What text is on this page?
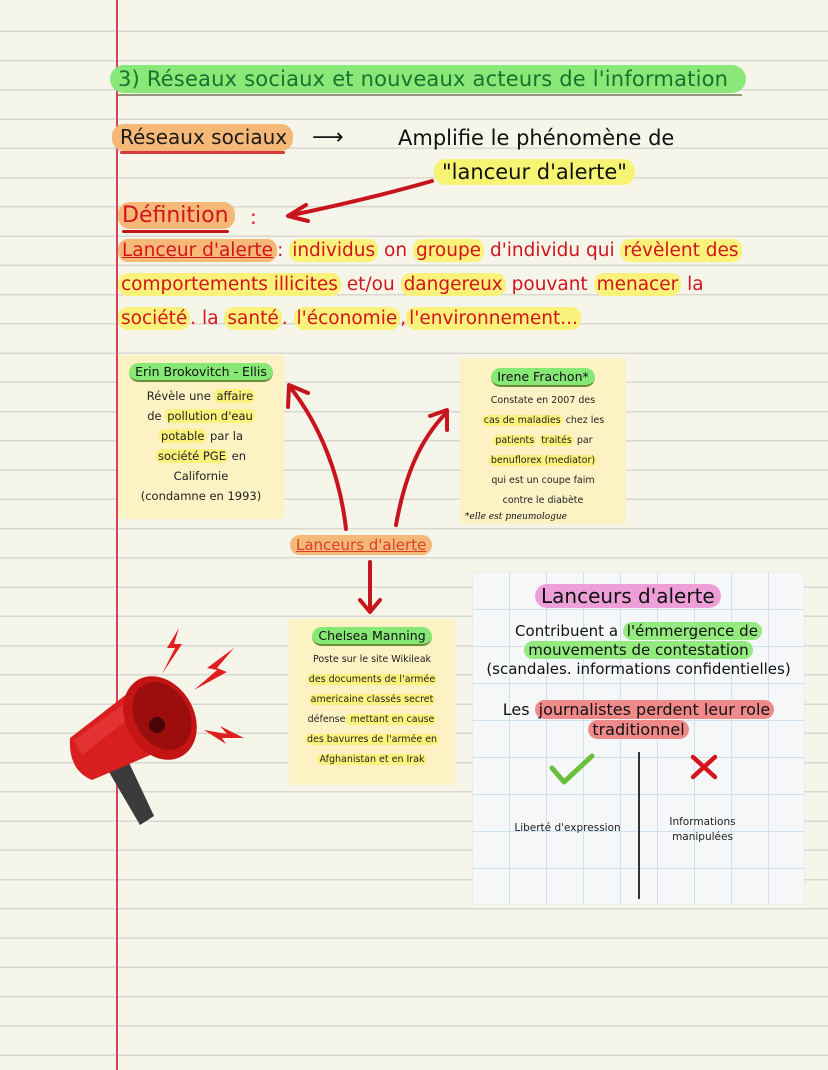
3) Réseaux sociaux et nouveaux acteurs de l'information
Réseaux sociaux ⟶	Amplifie le phénomène de
"lanceur d'alerte"
Définition	:
Lanceur d'alerte : individus on groupe d'individu qui révèlent des
comportements illicites et/ou dangereux pouvant menacer la
société . la santé . l'économie , l'environnement...
Erin Brokovitch - Ellis
Révèle une affaire
de pollution d'eau
potable par la
société PGE en
Californie
(condamne en 1993)
Irene Frachon*
Constate en 2007 des
cas de maladies chez les
patients traités par
benuflorex (mediator)
qui est un coupe faim
contre le diabète
*elle est pneumologue
Chelsea Manning
Poste sur le site Wikileak
des documents de l'armée
americaine classés secret
défense mettant en cause
des bavurres de l'armée en
Afghanistan et en Irak
Lanceurs d'alerte
Lanceurs d'alerte
Contribuent a l'émmergence de
mouvements de contestation
(scandales. informations confidentielles)
Les journalistes perdent leur role
traditionnel
Liberté d'expression	Informations
manipulées
